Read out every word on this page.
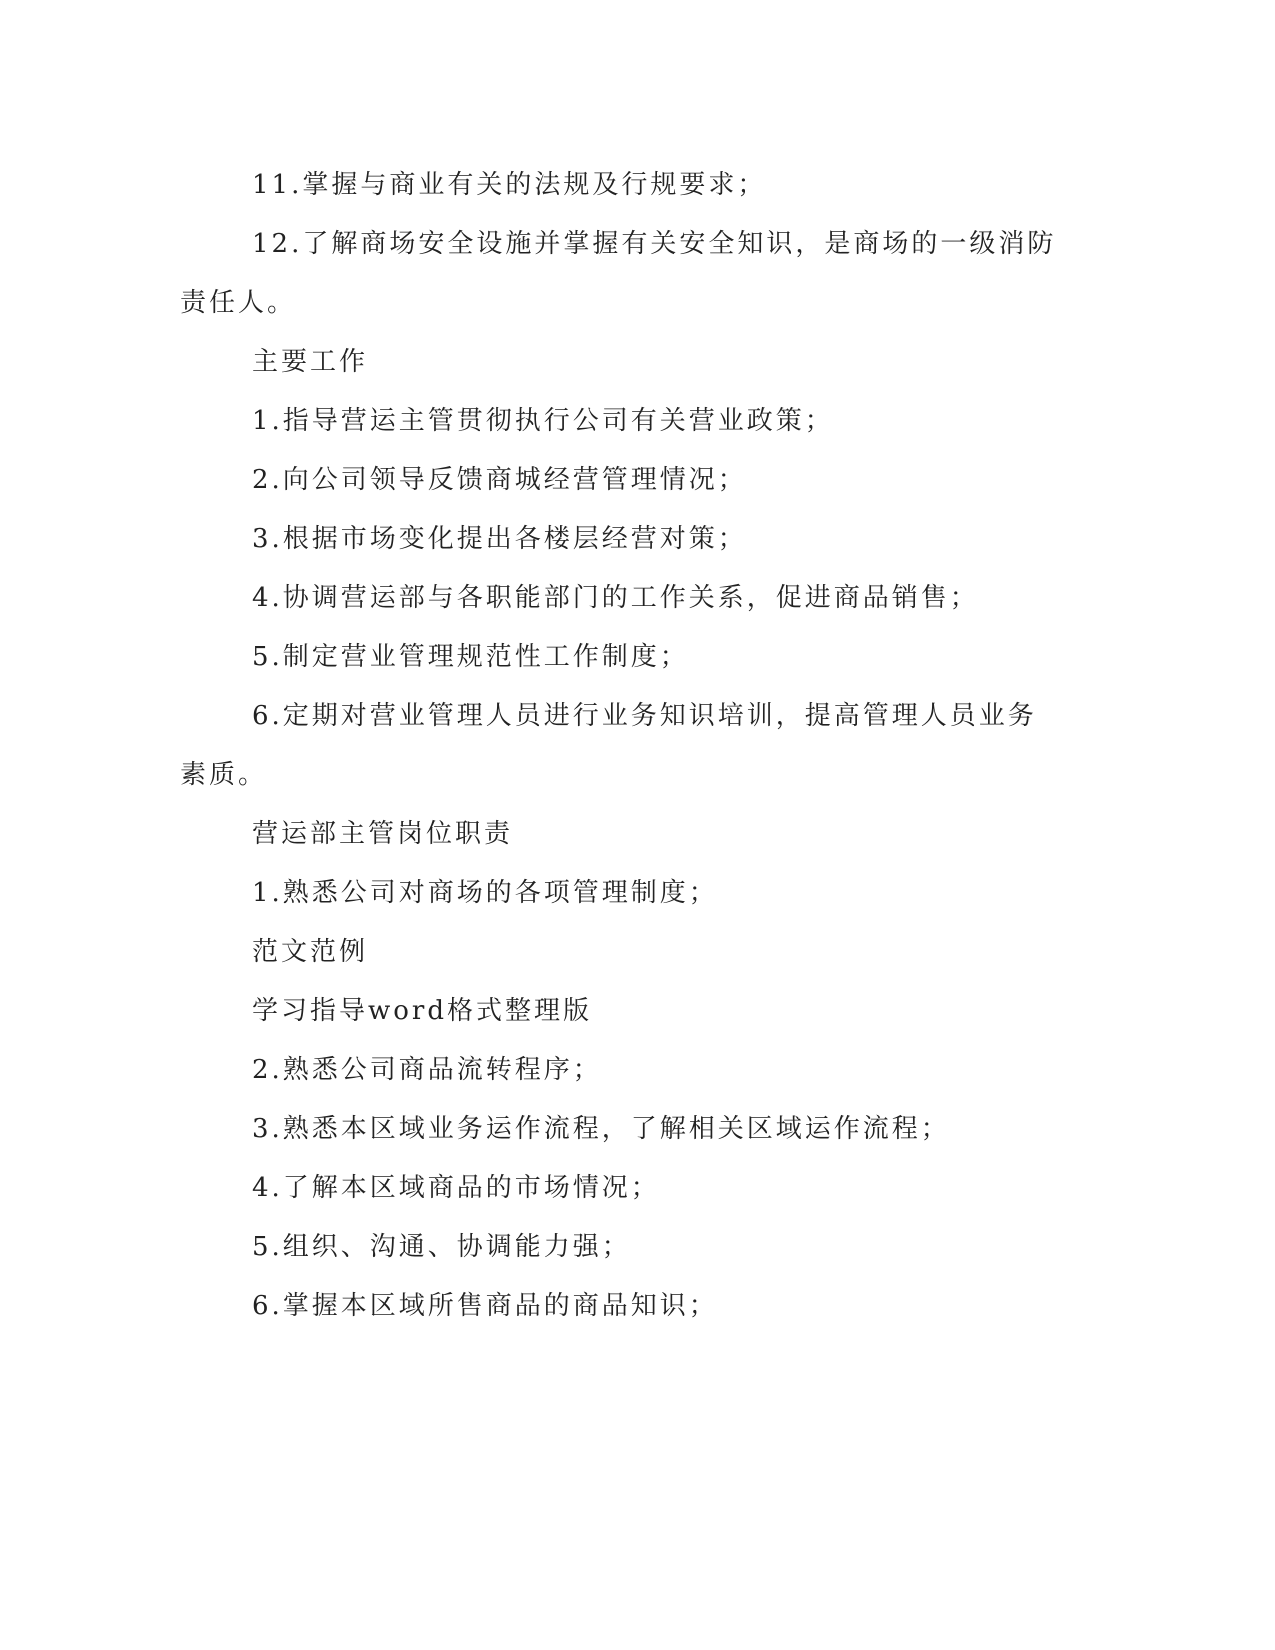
11.掌握与商业有关的法规及行规要求；

12.了解商场安全设施并掌握有关安全知识，是商场的一级消防责任人。

主要工作

1.指导营运主管贯彻执行公司有关营业政策；

2.向公司领导反馈商城经营管理情况；

3.根据市场变化提出各楼层经营对策；

4.协调营运部与各职能部门的工作关系，促进商品销售；

5.制定营业管理规范性工作制度；

6.定期对营业管理人员进行业务知识培训，提高管理人员业务素质。

营运部主管岗位职责

1.熟悉公司对商场的各项管理制度；

范文范例

学习指导word格式整理版

2.熟悉公司商品流转程序；

3.熟悉本区域业务运作流程，了解相关区域运作流程；

4.了解本区域商品的市场情况；

5.组织、沟通、协调能力强；

6.掌握本区域所售商品的商品知识；
